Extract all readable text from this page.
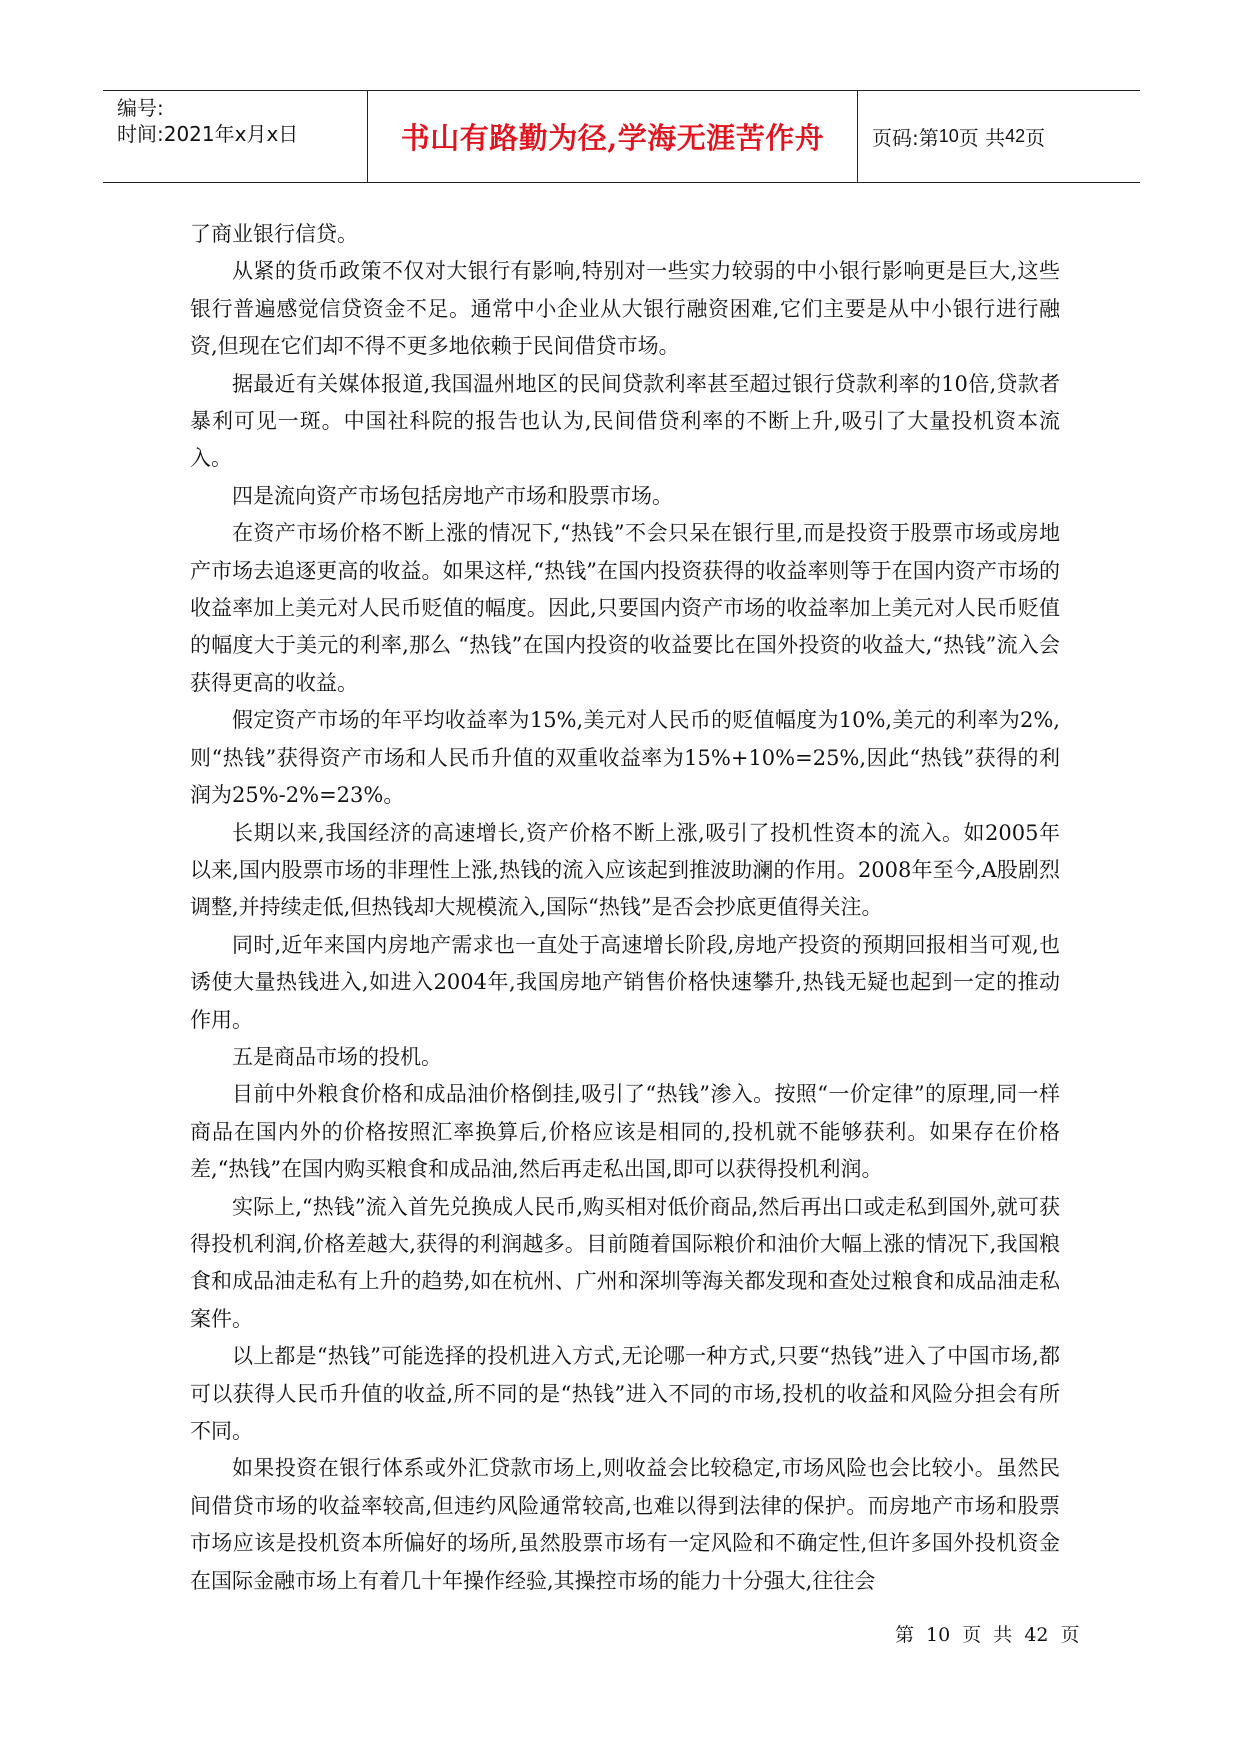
编号:
时间:2021年x月x日	书山有路勤为径,学海无涯苦作舟 页码:第 10 页 共 42 页

了商业银行信贷。

从紧的货币政策不仅对大银行有影响,特别对一些实力较弱的中小银行影响更是巨大,这些银行普遍感觉信贷资金不足。通常中小企业从大银行融资困难,它们主要是从中小银行进行融资,但现在它们却不得不更多地依赖于民间借贷市场。

据最近有关媒体报道,我国温州地区的民间贷款利率甚至超过银行贷款利率的10倍,贷款者暴利可见一斑。中国社科院的报告也认为,民间借贷利率的不断上升,吸引了大量投机资本流入。

四是流向资产市场包括房地产市场和股票市场。

在资产市场价格不断上涨的情况下,“热钱”不会只呆在银行里,而是投资于股票市场或房地产市场去追逐更高的收益。如果这样,“热钱”在国内投资获得的收益率则等于在国内资产市场的收益率加上美元对人民币贬值的幅度。因此,只要国内资产市场的收益率加上美元对人民币贬值的幅度大于美元的利率,那么 “热钱”在国内投资的收益要比在国外投资的收益大,“热钱”流入会获得更高的收益。

假定资产市场的年平均收益率为15%,美元对人民币的贬值幅度为10%,美元的利率为2%,则“热钱”获得资产市场和人民币升值的双重收益率为15%+10%=25%,因此“热钱”获得的利润为25%-2%=23%。

长期以来,我国经济的高速增长,资产价格不断上涨,吸引了投机性资本的流入。如2005年以来,国内股票市场的非理性上涨,热钱的流入应该起到推波助澜的作用。2008年至今,A股剧烈调整,并持续走低,但热钱却大规模流入,国际“热钱”是否会抄底更值得关注。

同时,近年来国内房地产需求也一直处于高速增长阶段,房地产投资的预期回报相当可观,也诱使大量热钱进入,如进入2004年,我国房地产销售价格快速攀升,热钱无疑也起到一定的推动作用。

五是商品市场的投机。

目前中外粮食价格和成品油价格倒挂,吸引了“热钱”渗入。按照“一价定律”的原理,同一样商品在国内外的价格按照汇率换算后,价格应该是相同的,投机就不能够获利。如果存在价格差,“热钱”在国内购买粮食和成品油,然后再走私出国,即可以获得投机利润。

实际上,“热钱”流入首先兑换成人民币,购买相对低价商品,然后再出口或走私到国外,就可获得投机利润,价格差越大,获得的利润越多。目前随着国际粮价和油价大幅上涨的情况下,我国粮食和成品油走私有上升的趋势,如在杭州、广州和深圳等海关都发现和查处过粮食和成品油走私案件。

以上都是“热钱”可能选择的投机进入方式,无论哪一种方式,只要“热钱”进入了中国市场,都可以获得人民币升值的收益,所不同的是“热钱”进入不同的市场,投机的收益和风险分担会有所不同。

如果投资在银行体系或外汇贷款市场上,则收益会比较稳定,市场风险也会比较小。虽然民间借贷市场的收益率较高,但违约风险通常较高,也难以得到法律的保护。而房地产市场和股票市场应该是投机资本所偏好的场所,虽然股票市场有一定风险和不确定性,但许多国外投机资金在国际金融市场上有着几十年操作经验,其操控市场的能力十分强大,往往会

第 10 页 共 42 页
